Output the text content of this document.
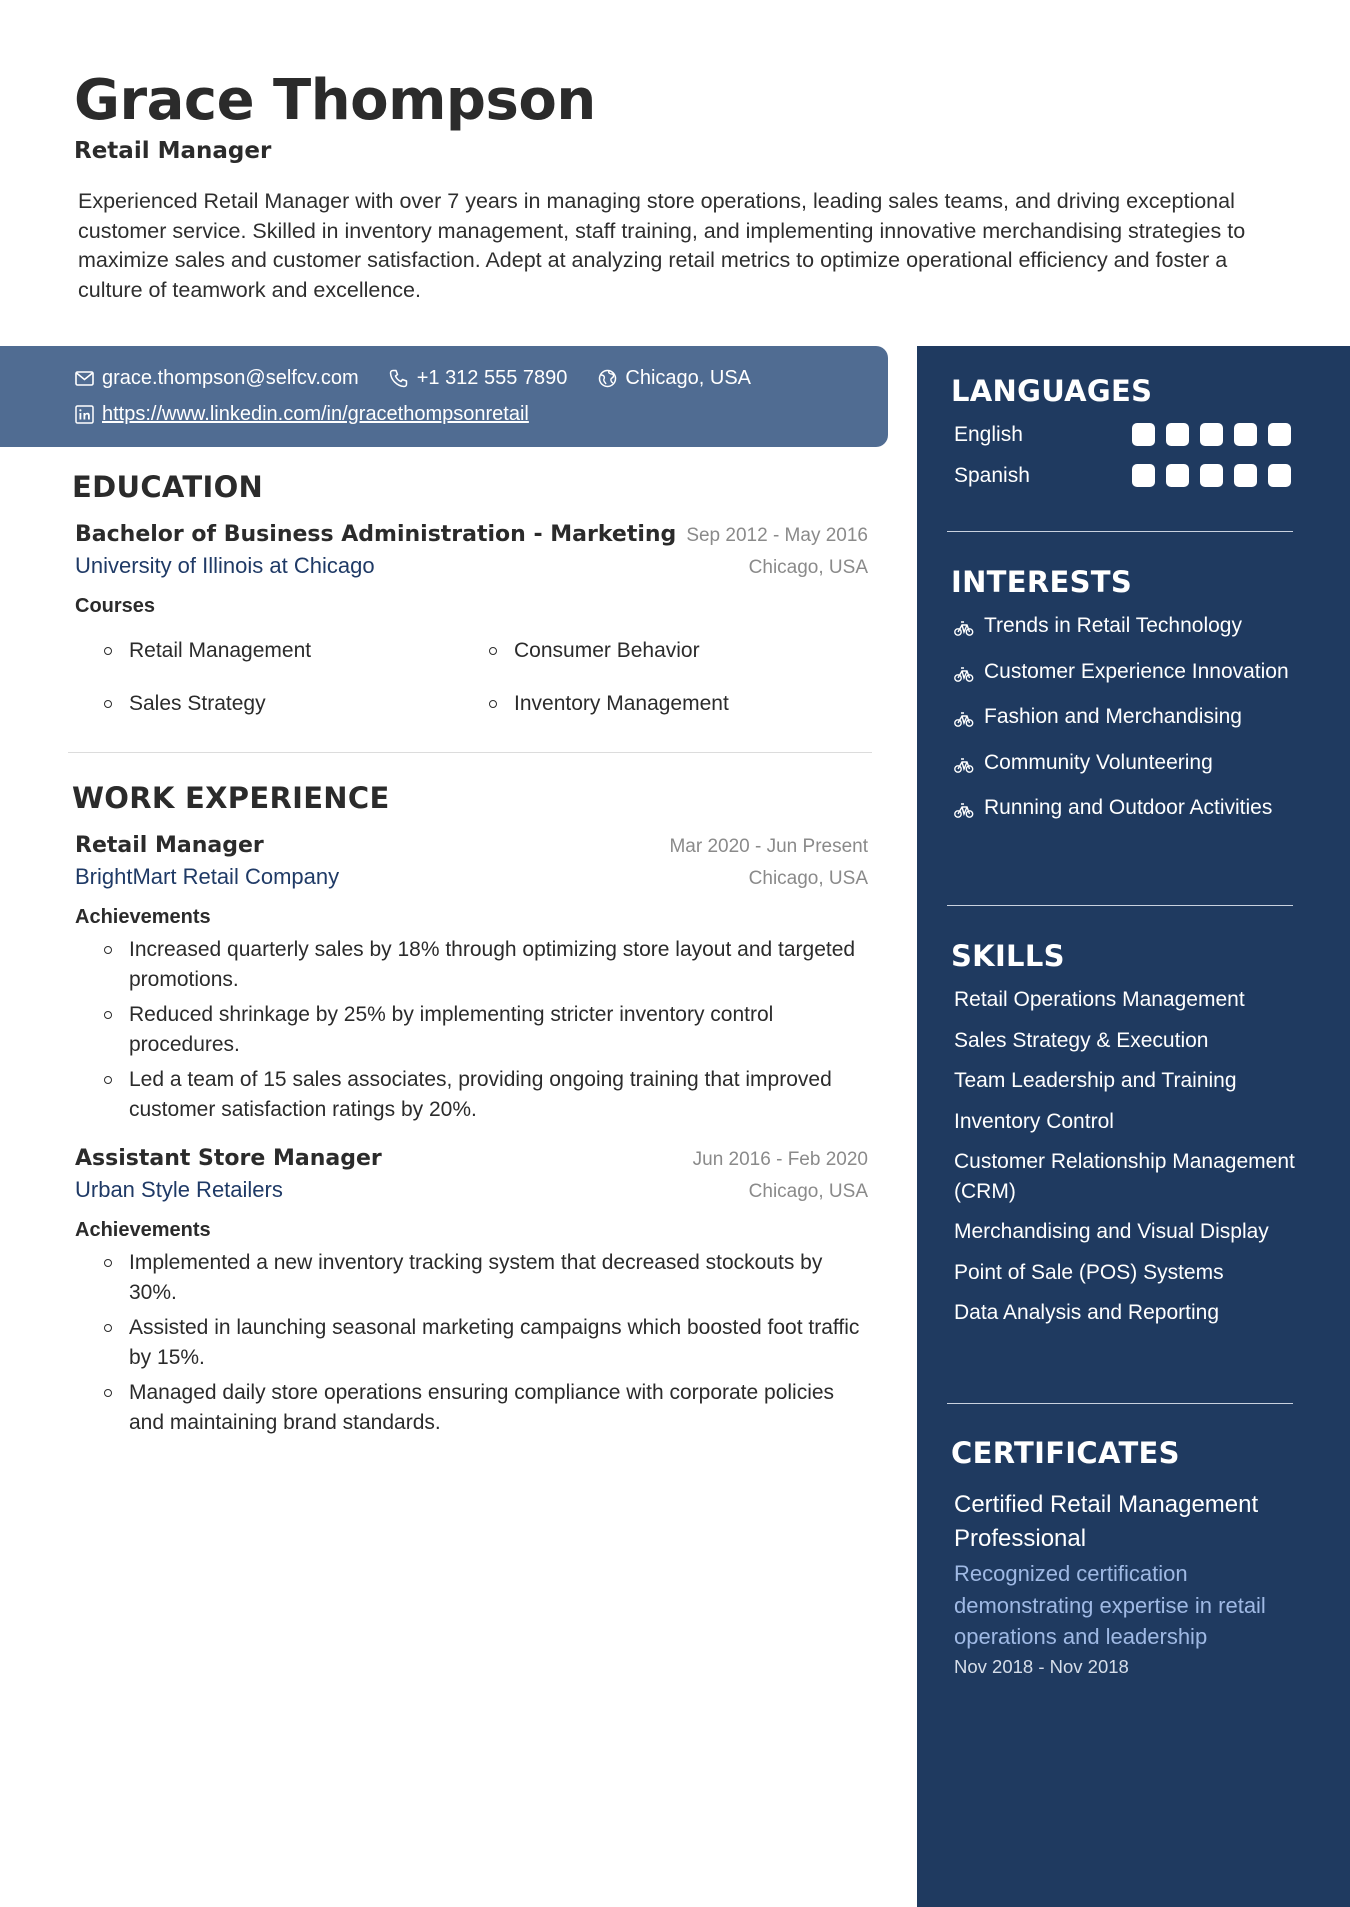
Grace Thompson
Retail Manager
Experienced Retail Manager with over 7 years in managing store operations, leading sales teams, and driving exceptional customer service. Skilled in inventory management, staff training, and implementing innovative merchandising strategies to maximize sales and customer satisfaction. Adept at analyzing retail metrics to optimize operational efficiency and foster a culture of teamwork and excellence.
grace.thompson@selfcv.com	+1 312 555 7890	Chicago, USA
https://www.linkedin.com/in/gracethompsonretail
EDUCATION
Bachelor of Business Administration - Marketing Sep 2012 - May 2016
University of Illinois at Chicago	Chicago, USA
Courses
Retail Management	Consumer Behavior
Sales Strategy	Inventory Management
WORK EXPERIENCE
Retail Manager	Mar 2020 - Jun Present
BrightMart Retail Company	Chicago, USA
Achievements
Increased quarterly sales by 18% through optimizing store layout and targeted promotions.
Reduced shrinkage by 25% by implementing stricter inventory control procedures.
Led a team of 15 sales associates, providing ongoing training that improved customer satisfaction ratings by 20%.
Assistant Store Manager	Jun 2016 - Feb 2020
Urban Style Retailers	Chicago, USA
Achievements
Implemented a new inventory tracking system that decreased stockouts by 30%.
Assisted in launching seasonal marketing campaigns which boosted foot traffic by 15%.
Managed daily store operations ensuring compliance with corporate policies and maintaining brand standards.
LANGUAGES
English
Spanish
INTERESTS
Trends in Retail Technology
Customer Experience Innovation
Fashion and Merchandising
Community Volunteering
Running and Outdoor Activities
SKILLS
Retail Operations Management
Sales Strategy & Execution
Team Leadership and Training
Inventory Control
Customer Relationship Management (CRM)
Merchandising and Visual Display
Point of Sale (POS) Systems
Data Analysis and Reporting
CERTIFICATES
Certified Retail Management Professional
Recognized certification demonstrating expertise in retail operations and leadership
Nov 2018 - Nov 2018
